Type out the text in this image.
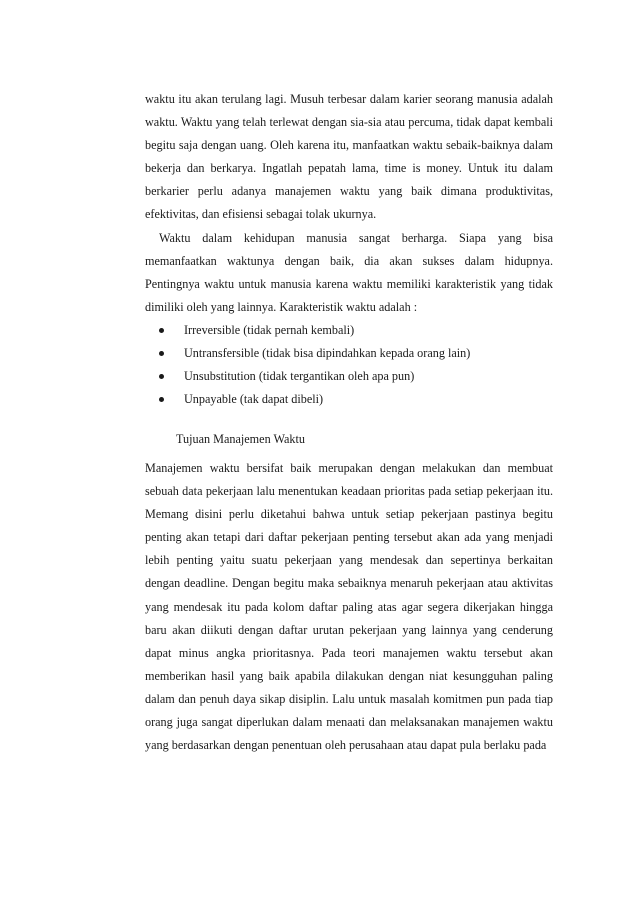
waktu itu akan terulang lagi. Musuh terbesar dalam karier seorang manusia adalah waktu. Waktu yang telah terlewat dengan sia-sia atau percuma, tidak dapat kembali begitu saja dengan uang. Oleh karena itu, manfaatkan waktu sebaik-baiknya dalam bekerja dan berkarya. Ingatlah pepatah lama, time is money. Untuk itu dalam berkarier perlu adanya manajemen waktu yang baik dimana produktivitas, efektivitas, dan efisiensi sebagai tolak ukurnya.

Waktu dalam kehidupan manusia sangat berharga. Siapa yang bisa memanfaatkan waktunya dengan baik, dia akan sukses dalam hidupnya. Pentingnya waktu untuk manusia karena waktu memiliki karakteristik yang tidak dimiliki oleh yang lainnya. Karakteristik waktu adalah :

Irreversible (tidak pernah kembali)
Untransfersible (tidak bisa dipindahkan kepada orang lain)
Unsubstitution (tidak tergantikan oleh apa pun)
Unpayable (tak dapat dibeli)
Tujuan Manajemen Waktu

Manajemen waktu bersifat baik merupakan dengan melakukan dan membuat sebuah data pekerjaan lalu menentukan keadaan prioritas pada setiap pekerjaan itu. Memang disini perlu diketahui bahwa untuk setiap pekerjaan pastinya begitu penting akan tetapi dari daftar pekerjaan penting tersebut akan ada yang menjadi lebih penting yaitu suatu pekerjaan yang mendesak dan sepertinya berkaitan dengan deadline. Dengan begitu maka sebaiknya menaruh pekerjaan atau aktivitas yang mendesak itu pada kolom daftar paling atas agar segera dikerjakan hingga baru akan diikuti dengan daftar urutan pekerjaan yang lainnya yang cenderung dapat minus angka prioritasnya. Pada teori manajemen waktu tersebut akan memberikan hasil yang baik apabila dilakukan dengan niat kesungguhan paling dalam dan penuh daya sikap disiplin. Lalu untuk masalah komitmen pun pada tiap orang juga sangat diperlukan dalam menaati dan melaksanakan manajemen waktu yang berdasarkan dengan penentuan oleh perusahaan atau dapat pula berlaku pada
